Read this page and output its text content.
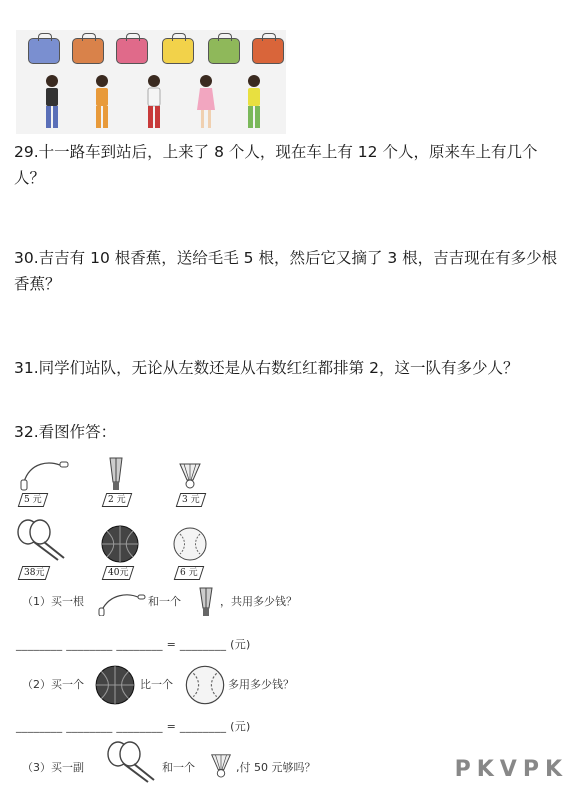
29.十一路车到站后，上来了 8 个人，现在车上有 12 个人，原来车上有几个
人？
30.吉吉有 10 根香蕉，送给毛毛 5 根，然后它又摘了 3 根，吉吉现在有多少根
香蕉？
31.同学们站队，无论从左数还是从右数红红都排第 2，这一队有多少人？
32.看图作答：
5 元	2 元	3 元
38元	40元	6 元
（1）买一根	和一个	，共用多少钱？
________ ________ ________ = ________ (元)
（2）买一个	比一个	多用多少钱？
________ ________ ________ = ________ (元)
（3）买一副	和一个	,付 50 元够吗？	PKVPK
